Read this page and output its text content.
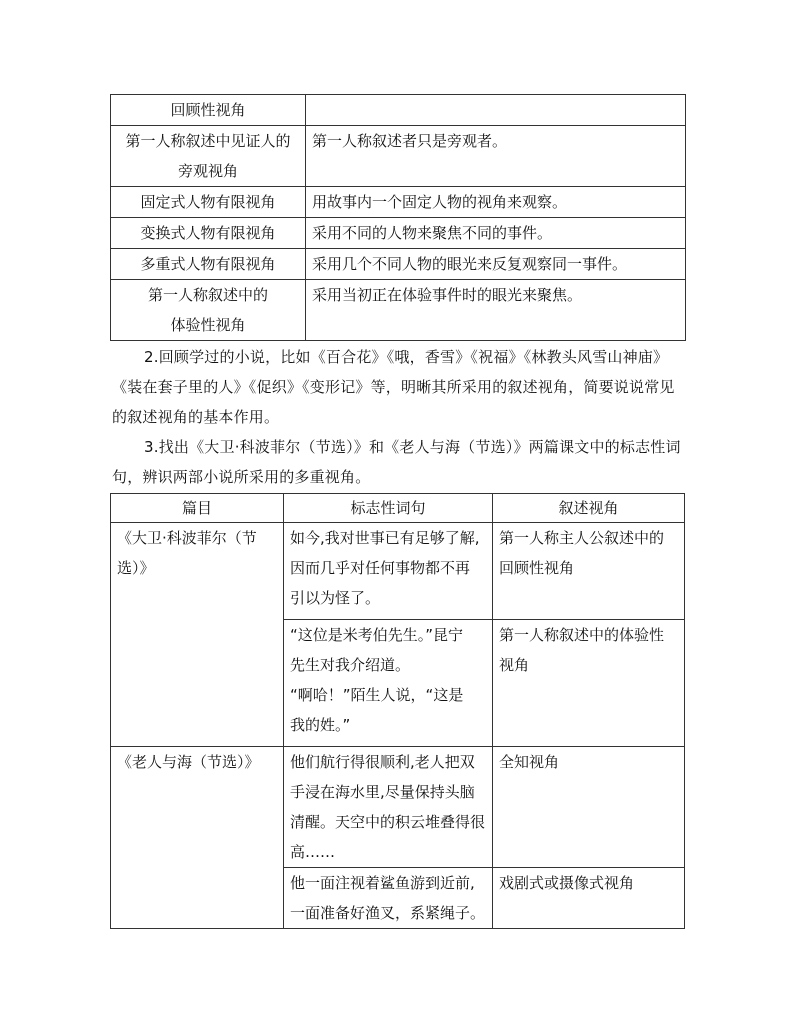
回顾性视角	
第一人称叙述中见证人的
旁观视角	第一人称叙述者只是旁观者。
固定式人物有限视角	用故事内一个固定人物的视角来观察。
变换式人物有限视角	采用不同的人物来聚焦不同的事件。
多重式人物有限视角	采用几个不同人物的眼光来反复观察同一事件。
第一人称叙述中的
体验性视角	采用当初正在体验事件时的眼光来聚焦。
2.回顾学过的小说，比如《百合花》《哦，香雪》《祝福》《林教头风雪山神庙》《装在套子里的人》《促织》《变形记》等，明晰其所采用的叙述视角，简要说说常见的叙述视角的基本作用。
3.找出《大卫·科波菲尔（节选）》和《老人与海（节选）》两篇课文中的标志性词句，辨识两部小说所采用的多重视角。
篇目	标志性词句	叙述视角

《大卫·科波菲尔（节
选）》	如今,我对世事已有足够了解,
因而几乎对任何事物都不再
引以为怪了。	第一人称主人公叙述中的
回顾性视角

	“这位是米考伯先生。”昆宁
先生对我介绍道。
“啊哈！”陌生人说，“这是
我的姓。”	第一人称叙述中的体验性
视角

《老人与海（节选）》	他们航行得很顺利,老人把双
手浸在海水里,尽量保持头脑
清醒。天空中的积云堆叠得很
高……	全知视角

	他一面注视着鲨鱼游到近前,
一面准备好渔叉，系紧绳子。	戏剧式或摄像式视角
